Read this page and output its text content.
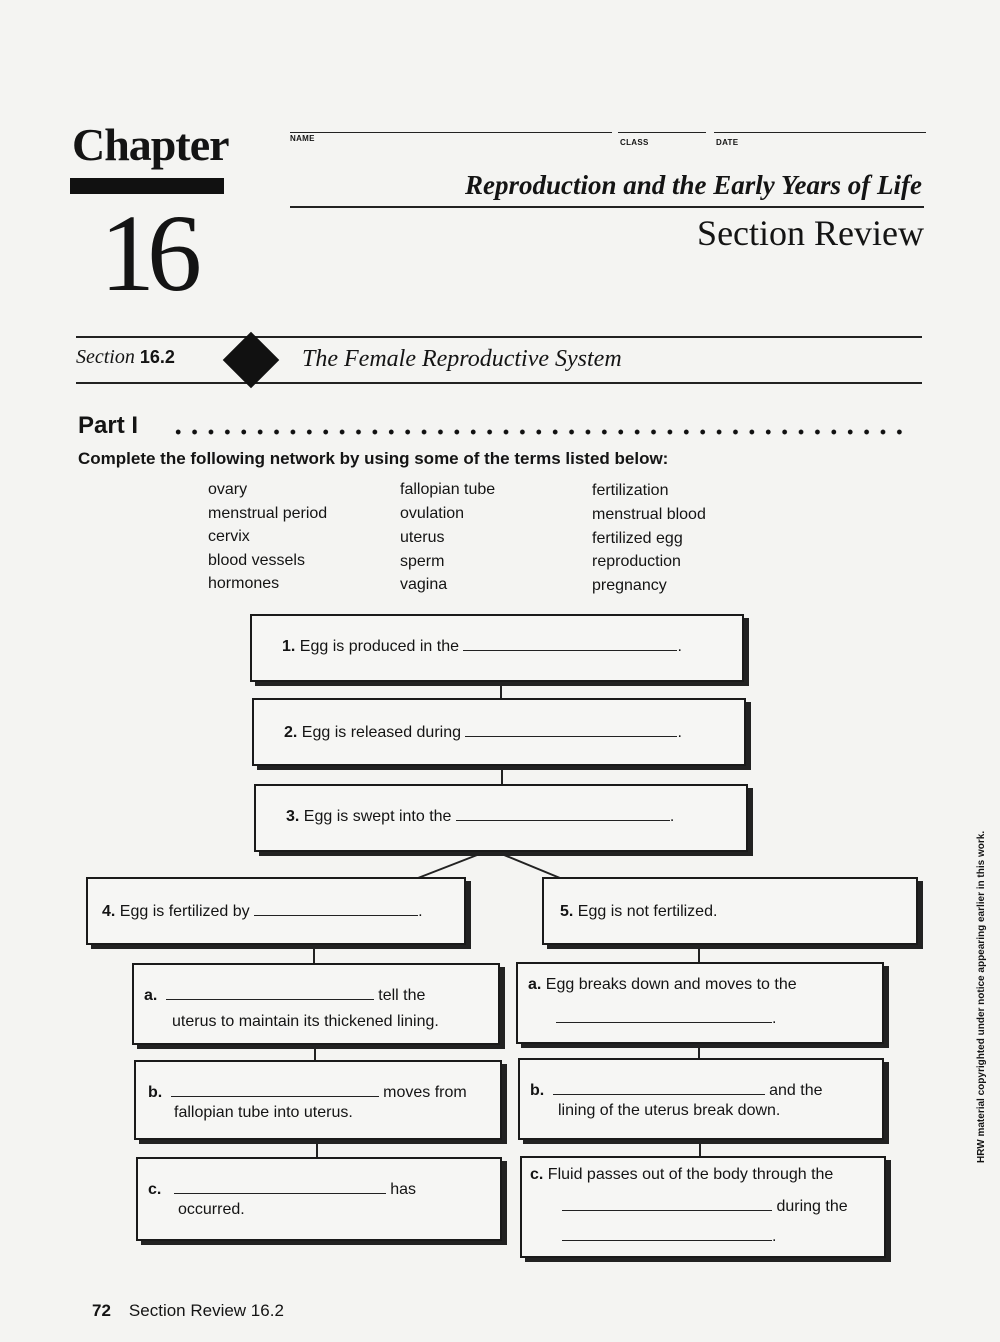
Chapter
16
NAME	CLASS	DATE
Reproduction and the Early Years of Life
Section Review
Section 16.2	The Female Reproductive System
Part I
Complete the following network by using some of the terms listed below:
ovary
menstrual period
cervix
blood vessels
hormones
fallopian tube
ovulation
uterus
sperm
vagina
fertilization
menstrual blood
fertilized egg
reproduction
pregnancy
1. Egg is produced in the	.
2. Egg is released during	.
3. Egg is swept into the	.
4. Egg is fertilized by	.	5. Egg is not fertilized.
a.	tell the
uterus to maintain its thickened lining.
a. Egg breaks down and moves to the
.
b.	moves from
fallopian tube into uterus.
b.	and the
lining of the uterus break down.
c.	has
occurred.
c. Fluid passes out of the body through the
during the
.
HRW material copyrighted under notice appearing earlier in this work.
72 Section Review 16.2
